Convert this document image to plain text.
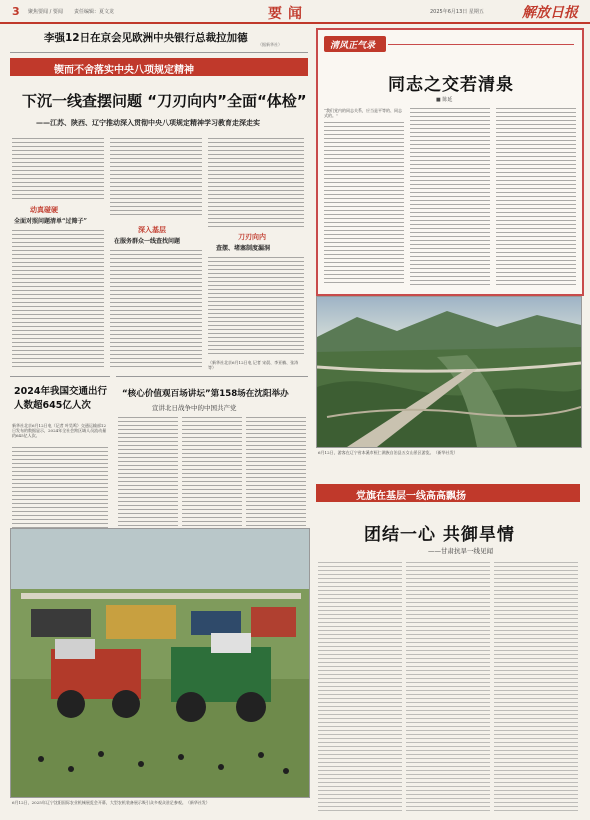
3 聚焦要闻 / 要闻 责任编辑：夏文龙	要闻	2025年6月13日 星期五	解放日报
李强12日在京会见欧洲中央银行总裁拉加德
（据新华社）
锲而不舍落实中央八项规定精神
下沉一线查摆问题 “刀刃向内”全面“体检”
——江苏、陕西、辽宁推动深入贯彻中央八项规定精神学习教育走深走实
动真碰硬
全面对照问题清单“过筛子”
深入基层
在服务群众一线查找问题
刀刃向内
查摆、堵塞制度漏洞
（新华社北京6月12日电 记者 宋晨、李亚楠、张涛 等）
清风正气录
同志之交若清泉
■ 陈延
“我们党内的同志关系，应当是平等的、同志式的。”
6月12日，游客在辽宁省本溪市桓仁满族自治县五女山景区游览。（新华社发）
2024年我国交通出行人数超645亿人次
新华社北京6月12日电（记者 叶昊鸣）交通运输部12日发布的数据显示，2024年全社会跨区域人员流动量约645亿人次。
“核心价值观百场讲坛”第158场在沈阳举办
宣讲北日战争中的中国共产党
6月12日，2025年辽宁沈阳国际农业机械展览会开幕，大型农机装备展示吸引众多观众驻足参观。（新华社发）
党旗在基层一线高高飘扬
团结一心 共御旱情
——甘肃抗旱一线见闻
